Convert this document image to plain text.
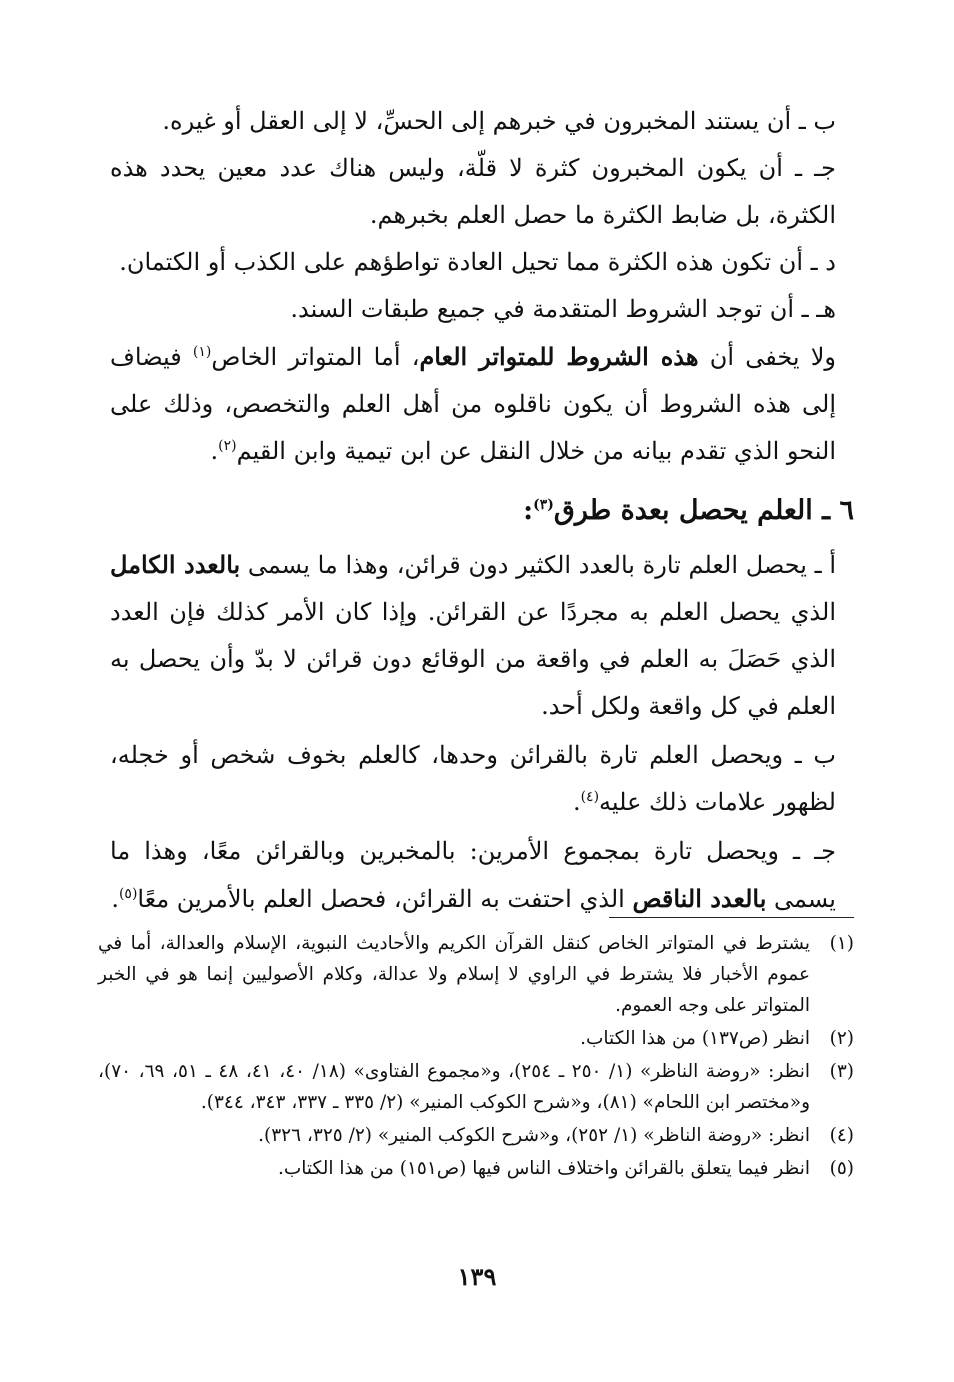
ب ـ أن يستند المخبرون في خبرهم إلى الحسِّ، لا إلى العقل أو غيره.

جـ ـ أن يكون المخبرون كثرة لا قلّة، وليس هناك عدد معين يحدد هذه الكثرة، بل ضابط الكثرة ما حصل العلم بخبرهم.

د ـ أن تكون هذه الكثرة مما تحيل العادة تواطؤهم على الكذب أو الكتمان.

هـ ـ أن توجد الشروط المتقدمة في جميع طبقات السند.

ولا يخفى أن هذه الشروط للمتواتر العام، أما المتواتر الخاص$^{(١)}$ فيضاف إلى هذه الشروط أن يكون ناقلوه من أهل العلم والتخصص، وذلك على النحو الذي تقدم بيانه من خلال النقل عن ابن تيمية وابن القيم$^{(٢)}$.

٦ ـ العلم يحصل بعدة طرق$^{(٣)}$:

أ ـ يحصل العلم تارة بالعدد الكثير دون قرائن، وهذا ما يسمى بالعدد الكامل الذي يحصل العلم به مجردًا عن القرائن. وإذا كان الأمر كذلك فإن العدد الذي حَصَلَ به العلم في واقعة من الوقائع دون قرائن لا بدّ وأن يحصل به العلم في كل واقعة ولكل أحد.

ب ـ ويحصل العلم تارة بالقرائن وحدها، كالعلم بخوف شخص أو خجله، لظهور علامات ذلك عليه$^{(٤)}$.

جـ ـ ويحصل تارة بمجموع الأمرين: بالمخبرين وبالقرائن معًا، وهذا ما يسمى بالعدد الناقص الذي احتفت به القرائن، فحصل العلم بالأمرين معًا$^{(٥)}$.

(١)
يشترط في المتواتر الخاص كنقل القرآن الكريم والأحاديث النبوية، الإسلام والعدالة، أما في عموم الأخبار فلا يشترط في الراوي لا إسلام ولا عدالة، وكلام الأصوليين إنما هو في الخبر المتواتر على وجه العموم.
(٢)
انظر (ص١٣٧) من هذا الكتاب.
(٣)
انظر: «روضة الناظر» (١/ ٢٥٠ ـ ٢٥٤)، و«مجموع الفتاوى» (١٨/ ٤٠، ٤١، ٤٨ ـ ٥١، ٦٩، ٧٠)، و«مختصر ابن اللحام» (٨١)، و«شرح الكوكب المنير» (٢/ ٣٣٥ ـ ٣٣٧، ٣٤٣، ٣٤٤).
(٤)
انظر: «روضة الناظر» (١/ ٢٥٢)، و«شرح الكوكب المنير» (٢/ ٣٢٥، ٣٢٦).
(٥)
انظر فيما يتعلق بالقرائن واختلاف الناس فيها (ص١٥١) من هذا الكتاب.
١٣٩
